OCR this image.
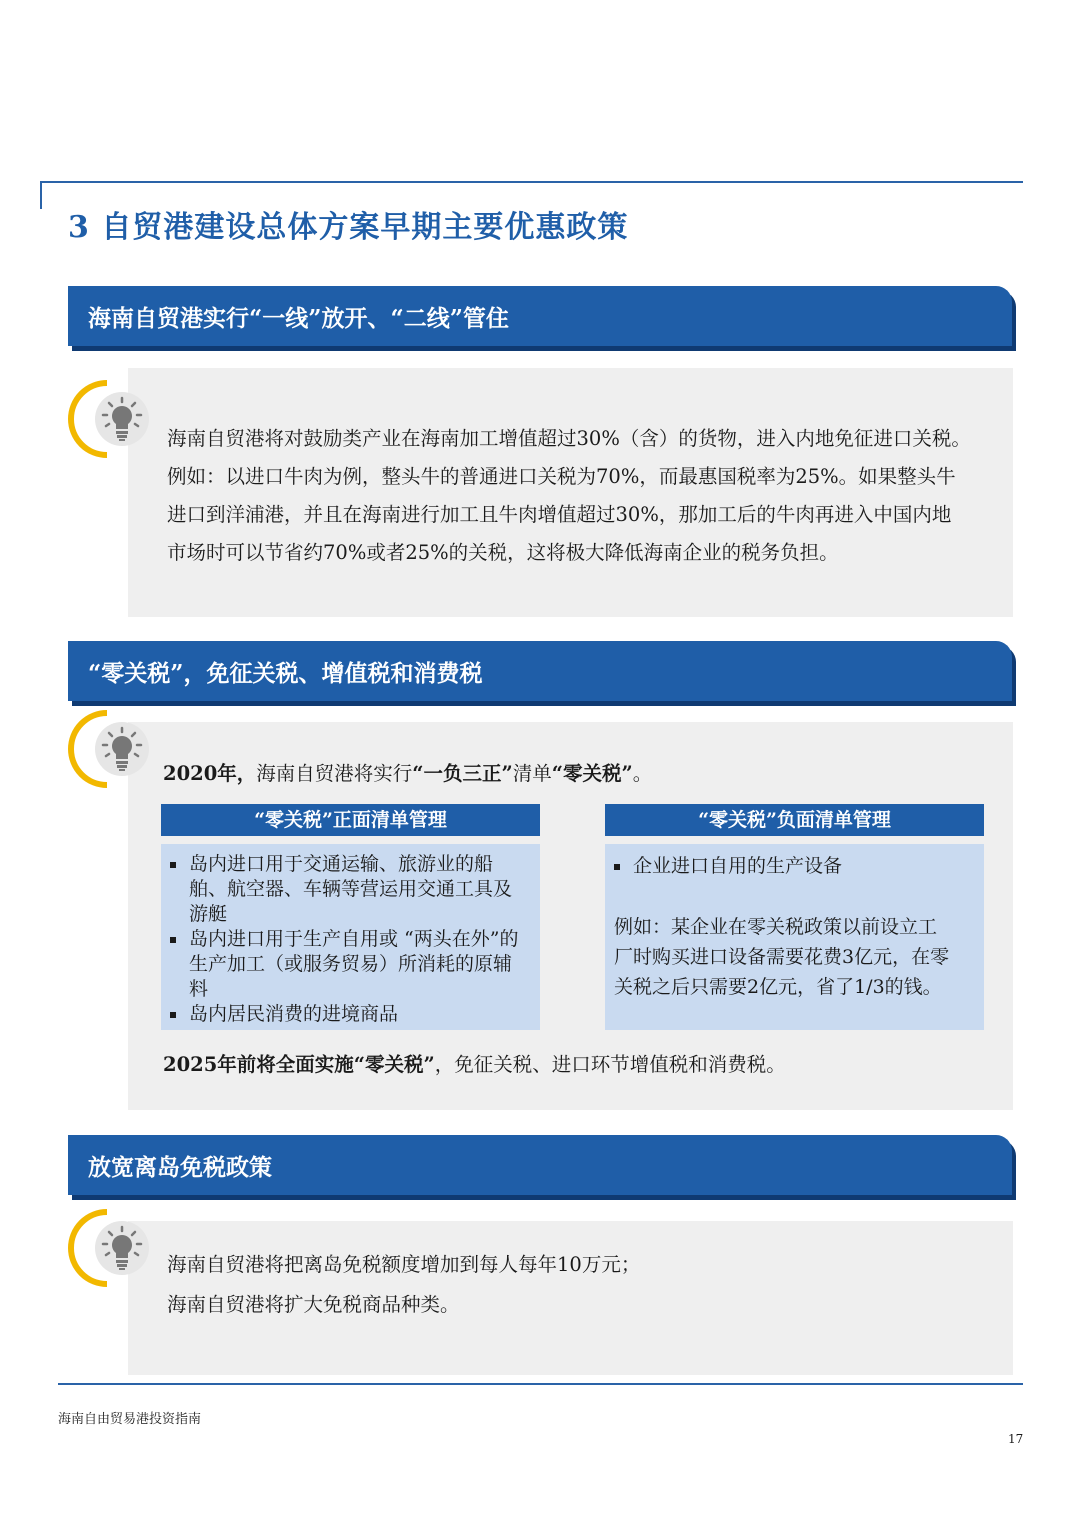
3 自贸港建设总体方案早期主要优惠政策
海南自贸港实行“一线”放开、“二线”管住
海南自贸港将对鼓励类产业在海南加工增值超过30%（含）的货物，进入内地免征进口关税。
例如：以进口牛肉为例，整头牛的普通进口关税为70%，而最惠国税率为25%。如果整头牛
进口到洋浦港，并且在海南进行加工且牛肉增值超过30%，那加工后的牛肉再进入中国内地
市场时可以节省约70%或者25%的关税，这将极大降低海南企业的税务负担。
“零关税”，免征关税、增值税和消费税
2020年，海南自贸港将实行“一负三正”清单“零关税”。
“零关税”正面清单管理
岛内进口用于交通运输、旅游业的船舶、航空器、车辆等营运用交通工具及游艇
岛内进口用于生产自用或 “两头在外”的生产加工（或服务贸易）所消耗的原辅料
岛内居民消费的进境商品
“零关税”负面清单管理
企业进口自用的生产设备
例如：某企业在零关税政策以前设立工
厂时购买进口设备需要花费3亿元，在零
关税之后只需要2亿元，省了1/3的钱。
2025年前将全面实施“零关税”，免征关税、进口环节增值税和消费税。
放宽离岛免税政策
海南自贸港将把离岛免税额度增加到每人每年10万元；
海南自贸港将扩大免税商品种类。
海南自由贸易港投资指南
17
